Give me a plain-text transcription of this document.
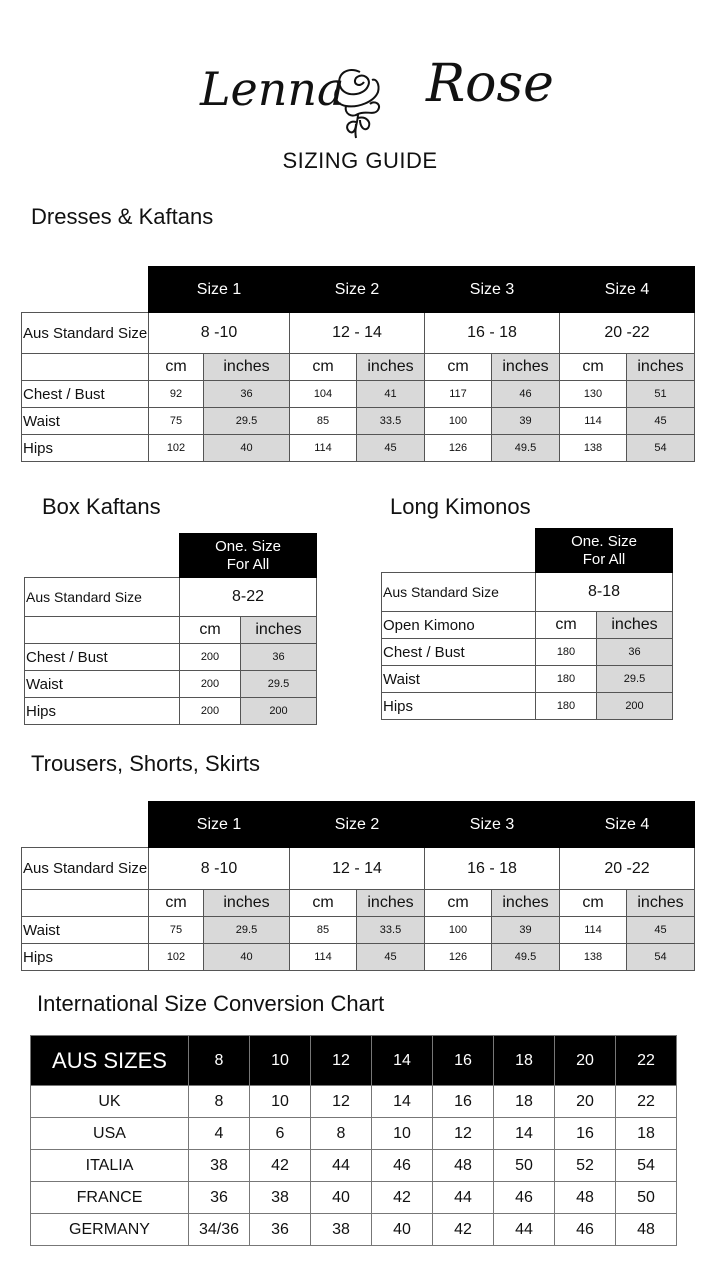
Lenna Rose
SIZING GUIDE
Dresses & Kaftans
	Size 1		Size 2		Size 3		Size 4	
Aus Standard Size	8 -10		12 - 14		16 - 18		20 -22	
	cm	inches	cm	inches	cm	inches	cm	inches
Chest / Bust	92	36	104	41	117	46	130	51
Waist	75	29.5	85	33.5	100	39	114	45
Hips	102	40	114	45	126	49.5	138	54
Box Kaftans

	One. Size
For All	

Aus Standard Size	8-22	
	cm	inches
Chest / Bust	200	36
Waist	200	29.5
Hips	200	200
Long Kimonos

	One. Size
For All	

Aus Standard Size	8-18	
Open Kimono	cm	inches
Chest / Bust	180	36
Waist	180	29.5
Hips	180	200
Trousers, Shorts, Skirts
	Size 1		Size 2		Size 3		Size 4	
Aus Standard Size	8 -10		12 - 14		16 - 18		20 -22	
	cm	inches	cm	inches	cm	inches	cm	inches
Waist	75	29.5	85	33.5	100	39	114	45
Hips	102	40	114	45	126	49.5	138	54
International Size Conversion Chart
AUS SIZES	8	10	12	14	16	18	20	22
UK	8	10	12	14	16	18	20	22
USA	4	6	8	10	12	14	16	18
ITALIA	38	42	44	46	48	50	52	54
FRANCE	36	38	40	42	44	46	48	50
GERMANY	34/36	36	38	40	42	44	46	48
